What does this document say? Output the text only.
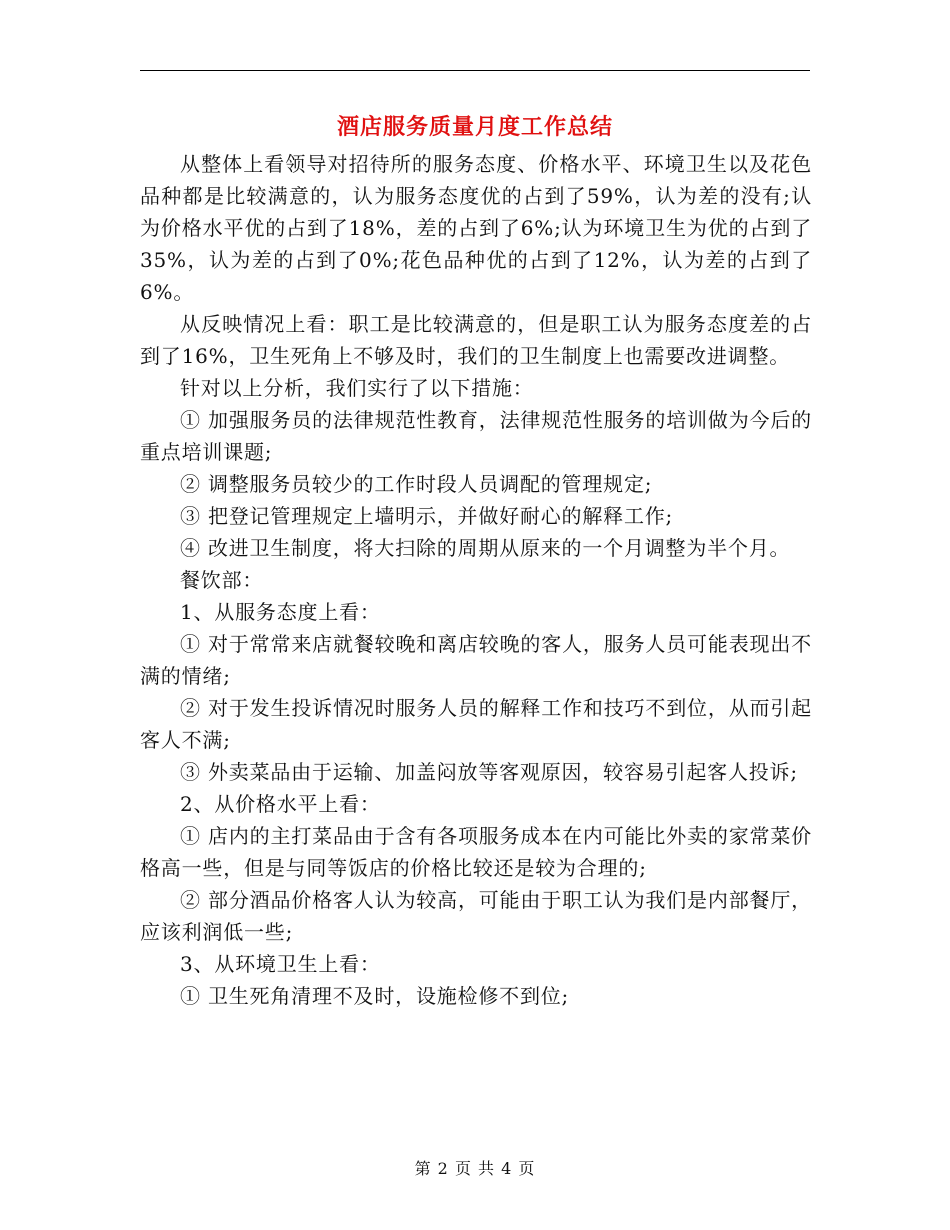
酒店服务质量月度工作总结

从整体上看领导对招待所的服务态度、价格水平、环境卫生以及花色品种都是比较满意的，认为服务态度优的占到了59%，认为差的没有;认为价格水平优的占到了18%，差的占到了6%;认为环境卫生为优的占到了35%，认为差的占到了0%;花色品种优的占到了12%，认为差的占到了6%。

从反映情况上看：职工是比较满意的，但是职工认为服务态度差的占到了16%，卫生死角上不够及时，我们的卫生制度上也需要改进调整。

针对以上分析，我们实行了以下措施：

① 加强服务员的法律规范性教育，法律规范性服务的培训做为今后的重点培训课题;

② 调整服务员较少的工作时段人员调配的管理规定;

③ 把登记管理规定上墙明示，并做好耐心的解释工作;

④ 改进卫生制度，将大扫除的周期从原来的一个月调整为半个月。

餐饮部：

1、从服务态度上看：

① 对于常常来店就餐较晚和离店较晚的客人，服务人员可能表现出不满的情绪;

② 对于发生投诉情况时服务人员的解释工作和技巧不到位，从而引起客人不满;

③ 外卖菜品由于运输、加盖闷放等客观原因，较容易引起客人投诉;

2、从价格水平上看：

① 店内的主打菜品由于含有各项服务成本在内可能比外卖的家常菜价格高一些，但是与同等饭店的价格比较还是较为合理的;

② 部分酒品价格客人认为较高，可能由于职工认为我们是内部餐厅，应该利润低一些;

3、从环境卫生上看：

① 卫生死角清理不及时，设施检修不到位;

第 2 页 共 4 页
